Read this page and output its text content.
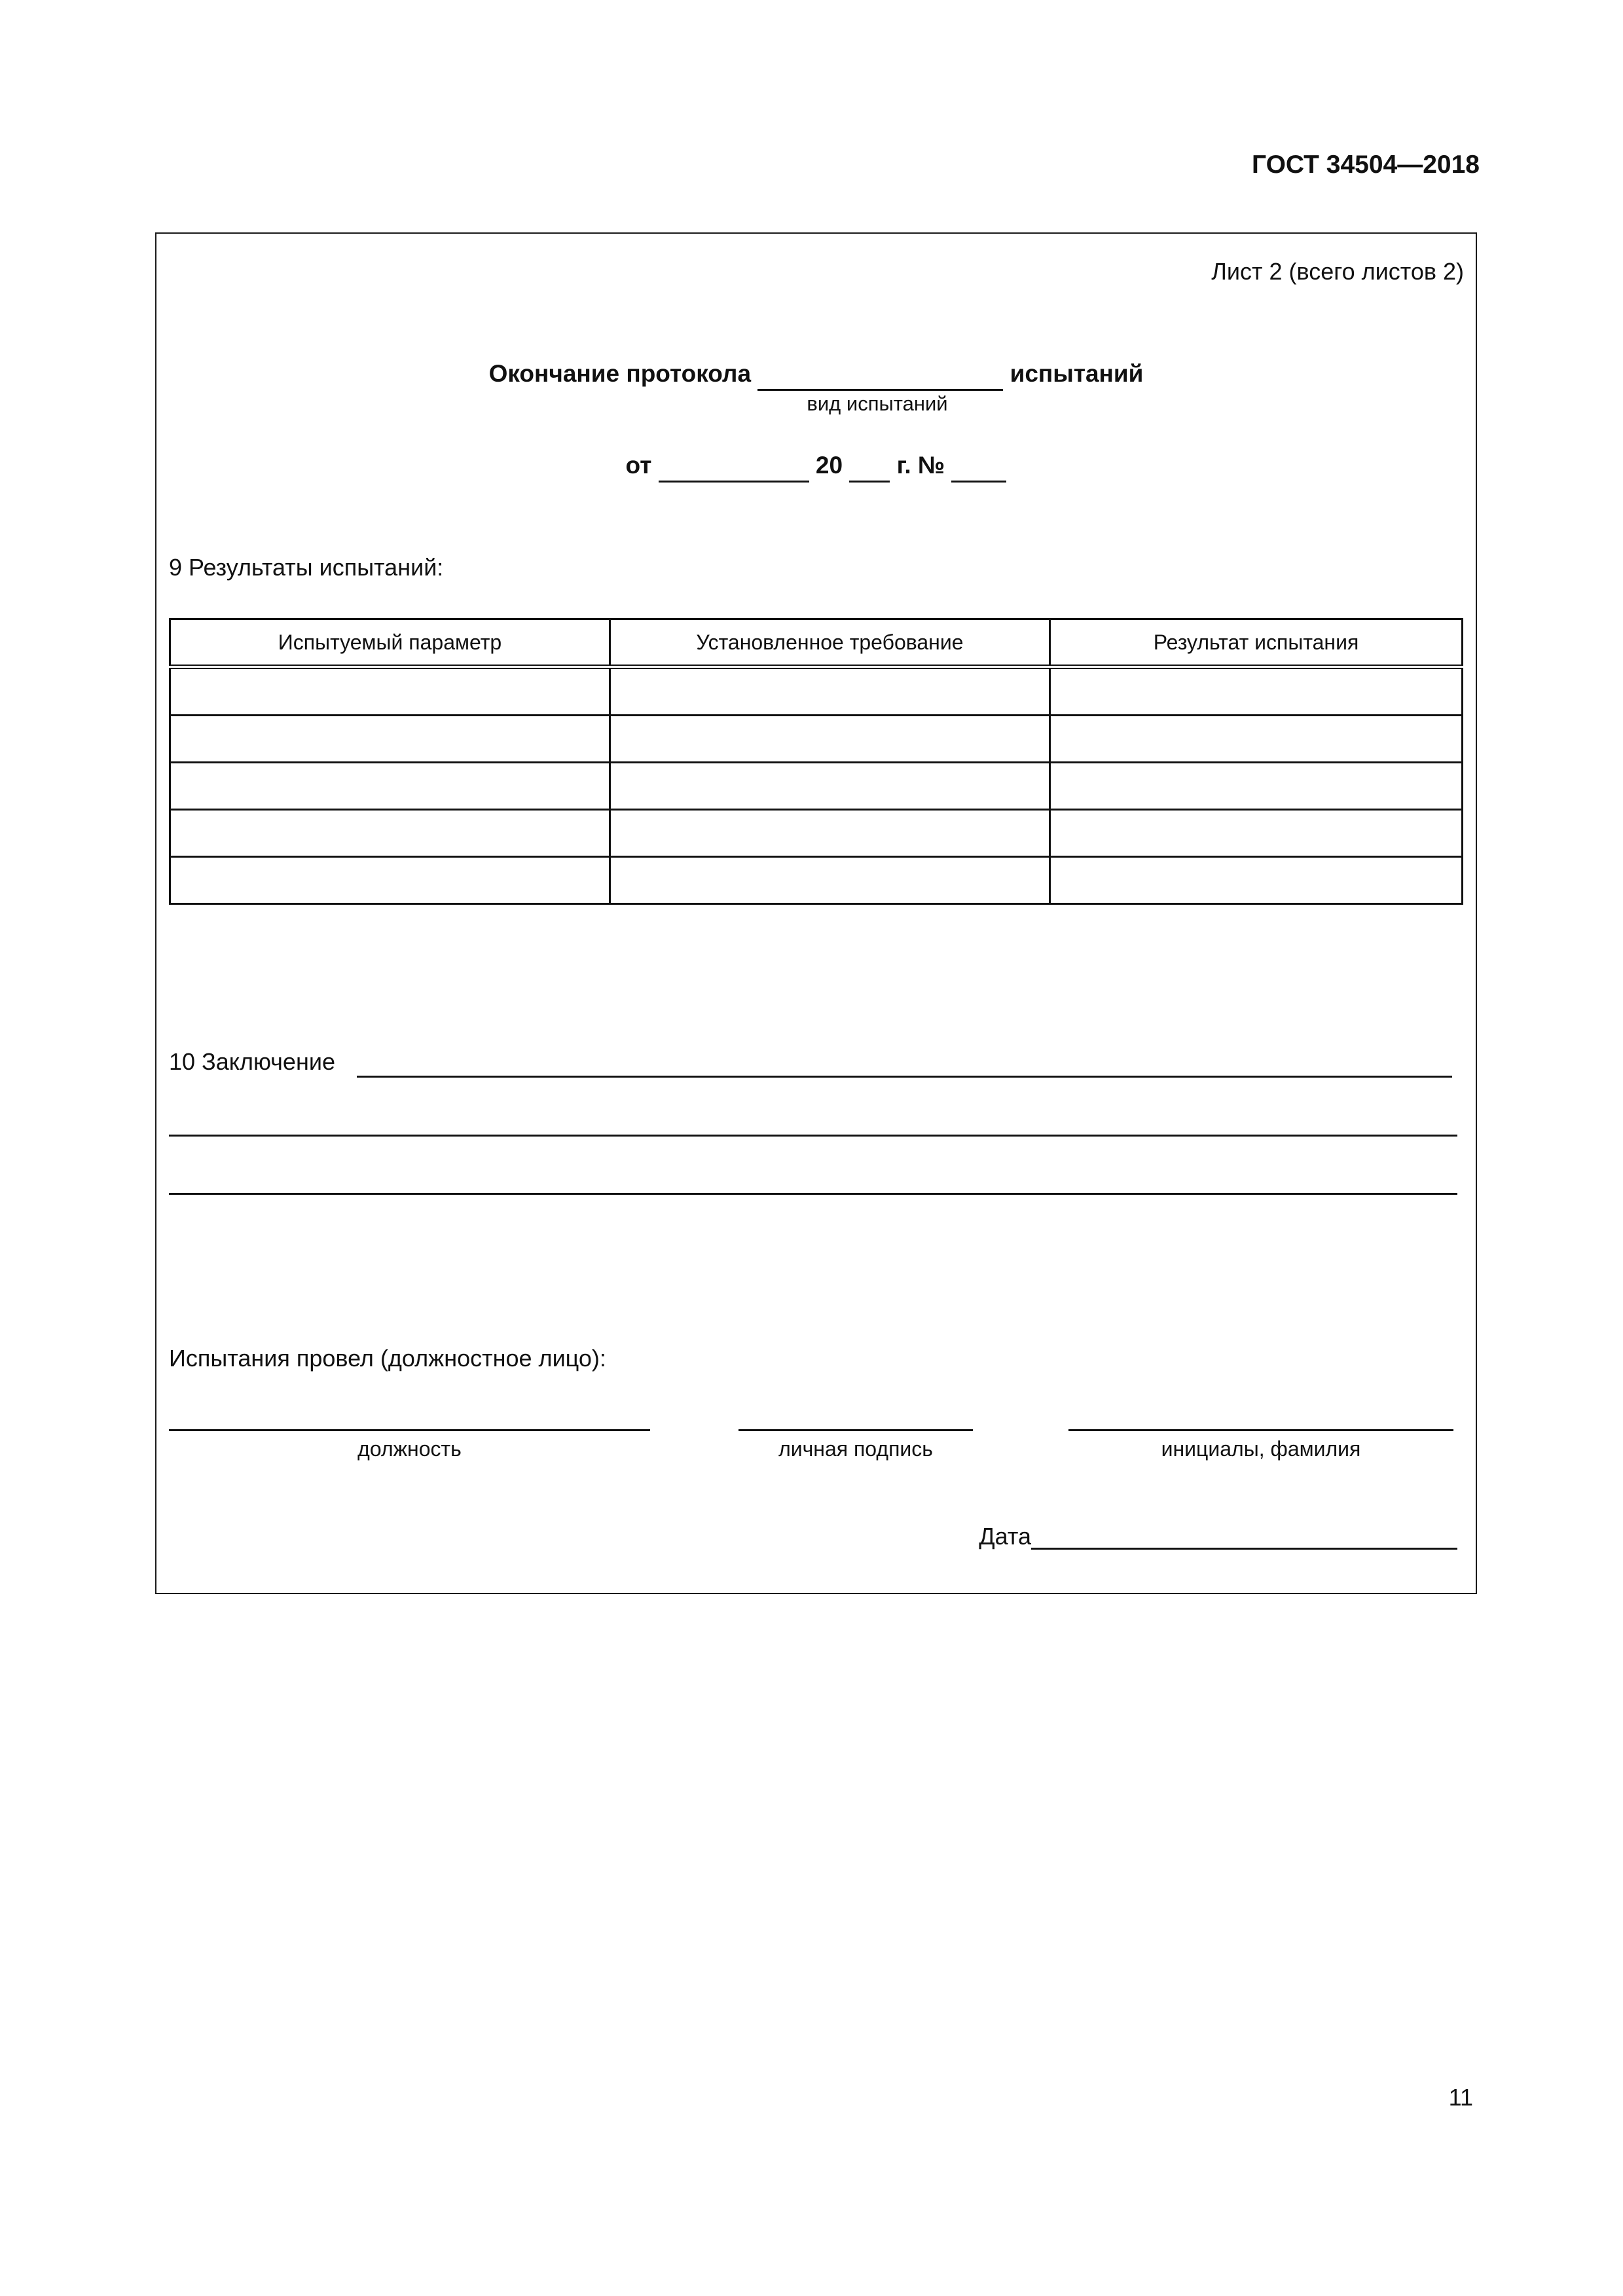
ГОСТ 34504—2018
Лист 2 (всего листов 2)
Окончание протокола	испытаний
вид испытаний
от	20 г. №
9 Результаты испытаний:
Испытуемый параметр	Установленное требование	Результат испытания

10 Заключение
Испытания провел (должностное лицо):
должность	личная подпись	инициалы, фамилия
Дата
11
